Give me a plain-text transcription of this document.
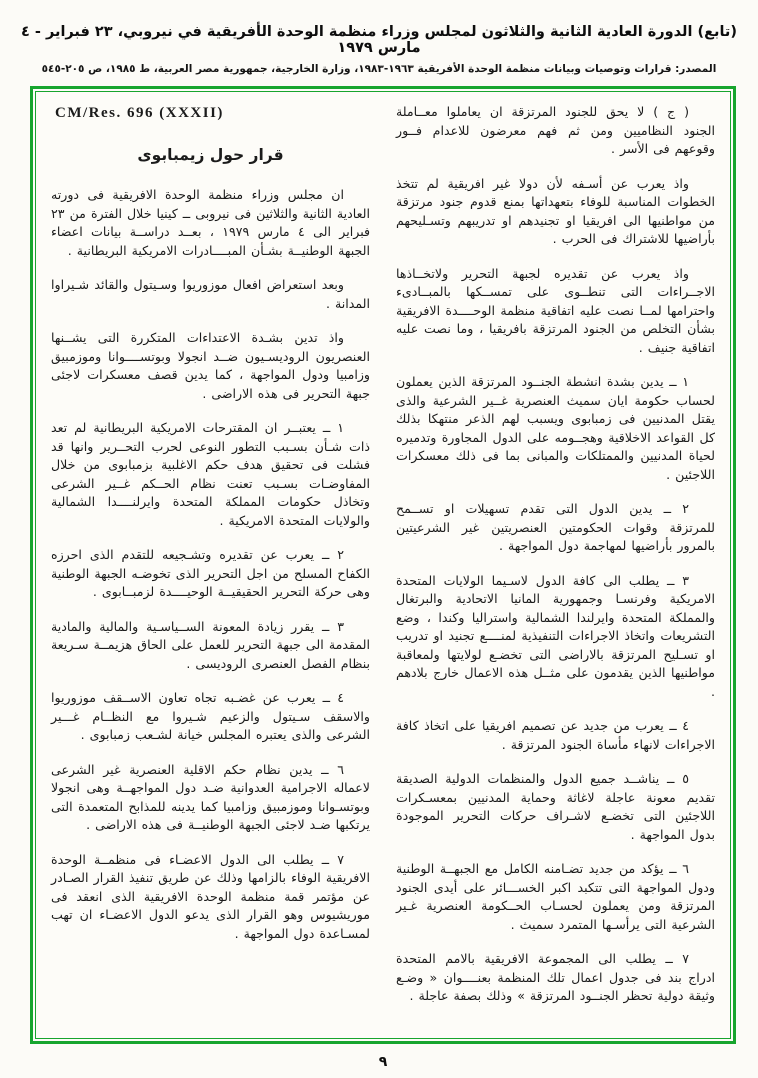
(تابع) الدورة العادية الثانية والثلاثون لمجلس وزراء منظمة الوحدة الأفريقية في نيروبي، ٢٣ فبراير - ٤ مارس ١٩٧٩
المصدر: قرارات وتوصيات وبيانات منظمة الوحدة الأفريقية ١٩٦٣-١٩٨٣، وزارة الخارجية، جمهورية مصر العربية، ط ١٩٨٥، ص ٢٠٥-٥٤٥

( ج ) لا يحق للجنود المرتزقة ان يعاملوا معــاملة الجنود النظاميين ومن ثم فهم معرضون للاعدام فــور وقوعهم فى الأسر .

واذ يعرب عن أسـفه لأن دولا غير افريقية لم تتخذ الخطوات المناسبة للوفاء بتعهداتها بمنع قدوم جنود مرتزقة من مواطنيها الى افريقيا او تجنيدهم او تدريبهم وتسـليحهم بأراضيها للاشتراك فى الحرب .

واذ يعرب عن تقديره لجبهة التحرير ولاتخــاذها الاجــراءات التى تنطــوى على تمســكها بالمبــادىء واحترامها لمــا نصت عليه اتفاقية منظمة الوحــــدة الافريقية بشأن التخلص من الجنود المرتزقة بافريقيا ، وما نصت عليه اتفاقية جنيف .

١ ــ يدين بشدة انشطة الجنــود المرتزقة الذين يعملون لحساب حكومة ايان سميث العنصرية غــير الشرعية والذى يقتل المدنيين فى زمبابوى ويسبب لهم الذعر منتهكا بذلك كل القواعد الاخلاقية وهجــومه على الدول المجاورة وتدميره لحياة المدنيين والممتلكات والمبانى بما فى ذلك معسكرات اللاجئين .

٢ ــ يدين الدول التى تقدم تسهيلات او تســمح للمرتزقة وقوات الحكومتين العنصريتين غير الشرعيتين بالمرور بأراضيها لمهاجمة دول المواجهة .

٣ ــ يطلب الى كافة الدول لاسـيما الولايات المتحدة الامريكية وفرنسـا وجمهورية المانيا الاتحادية والبرتغال والمملكة المتحدة وايرلندا الشمالية واستراليا وكندا ، وضع التشريعات واتخاذ الاجراءات التنفيذية لمنــــع تجنيد او تدريب او تسـليح المرتزقة بالاراضى التى تخضـع لولايتها ولمعاقبة مواطنيها الذين يقدمون على مثــل هذه الاعمال خارج بلادهم .

٤ ــ يعرب من جديد عن تصميم افريقيا على اتخاذ كافة الاجراءات لانهاء مأساة الجنود المرتزقة .

٥ ــ يناشــد جميع الدول والمنظمات الدولية الصديقة تقديم معونة عاجلة لاغاثة وحماية المدنيين بمعسـكرات اللاجئين التى تخضـع لاشـراف حركات التحرير الموجودة بدول المواجهة .

٦ ــ يؤكد من جديد تضـامنه الكامل مع الجبهــة الوطنية ودول المواجهة التى تتكبد اكبر الخســـائر على أيدى الجنود المرتزقة ومن يعملون لحسـاب الحــكومة العنصرية غـير الشرعية التى يرأسـها المتمرد سميث .

٧ ــ يطلب الى المجموعة الافريقية بالامم المتحدة ادراج بند فى جدول اعمال تلك المنظمة بعنــــوان « وضـع وثيقة دولية تحظر الجنــود المرتزقة » وذلك بصفة عاجلة .

CM/Res. 696 (XXXII)
قرار حول زيمبابوى

ان مجلس وزراء منظمة الوحدة الافريقية فى دورته العادية الثانية والثلاثين فى نيروبى ــ كينيا خلال الفترة من ٢٣ فبراير الى ٤ مارس ١٩٧٩ ، بعــد دراســة بيانات اعضاء الجبهة الوطنيــة بشـأن المبــــادرات الامريكية البريطانية .

وبعد استعراض افعال موزوريوا وسـيتول والقائد شـيراوا المدانة .

واذ تدين بشـدة الاعتداءات المتكررة التى يشــنها العنصريون الروديسـيون ضــد انجولا وبوتســــوانا وموزمبيق وزامبيا ودول المواجهة ، كما يدين قصف معسكرات لاجئى جبهة التحرير فى هذه الاراضى .

١ ــ يعتبــر ان المقترحات الامريكية البريطانية لم تعد ذات شـأن بسـبب التطور النوعى لحرب التحــرير وانها قد فشلت فى تحقيق هدف حكم الاغلبية بزمبابوى من خلال المفاوضـات بسـبب تعنت نظام الحــكم غــير الشرعى وتخاذل حكومات المملكة المتحدة وايرلنــــدا الشمالية والولايات المتحدة الامريكية .

٢ ــ يعرب عن تقديره وتشـجيعه للتقدم الذى احرزه الكفاح المسلح من اجل التحرير الذى تخوضـه الجبهة الوطنية وهى حركة التحرير الحقيقيــة الوحيــــدة لزمبــابوى .

٣ ــ يقرر زيادة المعونة الســياسـية والمالية والمادية المقدمة الى جبهة التحرير للعمل على الحاق هزيمــة سـريعة بنظام الفصل العنصرى الروديسى .

٤ ــ يعرب عن غضـبه تجاه تعاون الاســقف موزوريوا والاسقف سـيتول والزعيم شـيروا مع النظــام غـــير الشرعى والذى يعتبره المجلس خيانة لشـعب زمبابوى .

٦ ــ يدين نظام حكم الاقلية العنصرية غير الشرعى لاعماله الاجرامية العدوانية ضـد دول المواجهــة وهى انجولا وبوتسـوانا وموزمبيق وزامبيا كما يدينه للمذابح المتعمدة التى يرتكبها ضـد لاجئى الجبهة الوطنيــة فى هذه الاراضى .

٧ ــ يطلب الى الدول الاعضـاء فى منظمــة الوحدة الافريقية الوفاء بالزامها وذلك عن طريق تنفيذ القرار الصـادر عن مؤتمر قمة منظمة الوحدة الافريقية الذى انعقد فى موريشيوس وهو القرار الذى يدعو الدول الاعضـاء ان تهب لمسـاعدة دول المواجهة .

٩
